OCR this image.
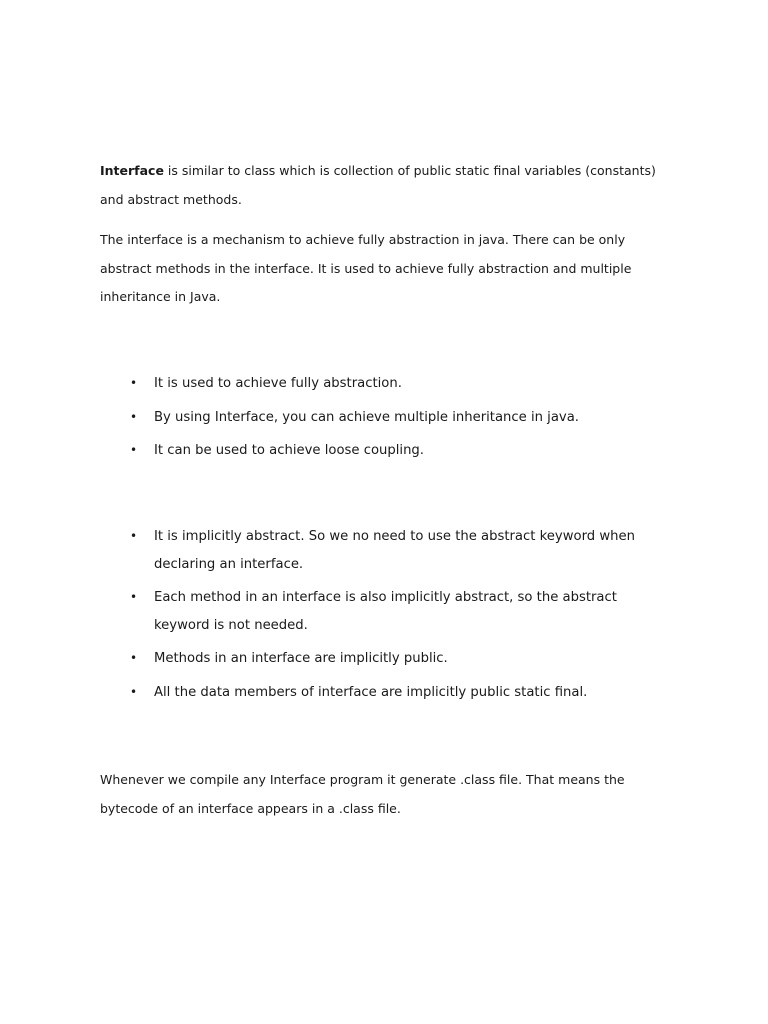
Interface is similar to class which is collection of public static final variables (constants) and abstract methods.

The interface is a mechanism to achieve fully abstraction in java. There can be only abstract methods in the interface. It is used to achieve fully abstraction and multiple inheritance in Java.

• It is used to achieve fully abstraction.
• By using Interface, you can achieve multiple inheritance in java.
• It can be used to achieve loose coupling.
• It is implicitly abstract. So we no need to use the abstract keyword when declaring an interface.
• Each method in an interface is also implicitly abstract, so the abstract keyword is not needed.
• Methods in an interface are implicitly public.
• All the data members of interface are implicitly public static final.

Whenever we compile any Interface program it generate .class file. That means the bytecode of an interface appears in a .class file.
